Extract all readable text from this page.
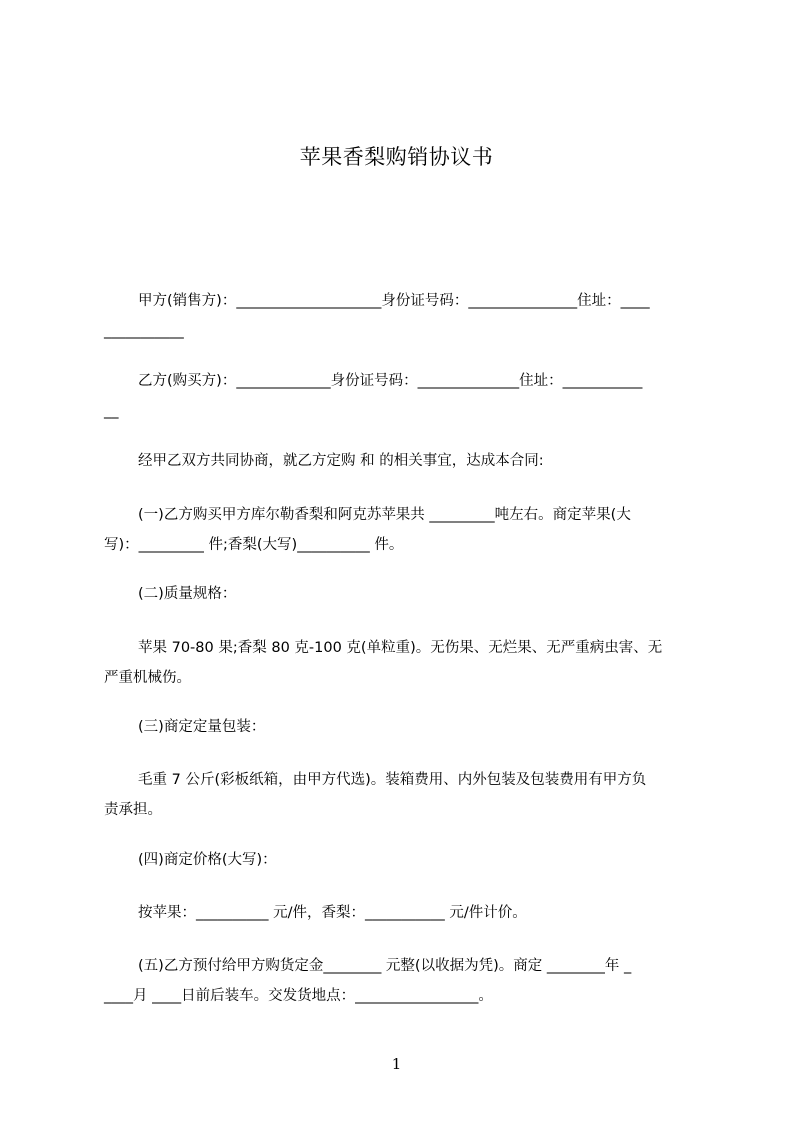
苹果香梨购销协议书
甲方(销售方)：____________________身份证号码：_______________住址：____
___________
乙方(购买方)：_____________身份证号码：______________住址：___________
__
经甲乙双方共同协商，就乙方定购 和 的相关事宜，达成本合同:
(一)乙方购买甲方库尔勒香梨和阿克苏苹果共 _________吨左右。商定苹果(大
写)：_________ 件;香梨(大写)__________ 件。
(二)质量规格：
苹果 70-80 果;香梨 80 克-100 克(单粒重)。无伤果、无烂果、无严重病虫害、无
严重机械伤。
(三)商定定量包装：
毛重 7 公斤(彩板纸箱，由甲方代选)。装箱费用、内外包装及包装费用有甲方负
责承担。
(四)商定价格(大写)：
按苹果：__________ 元/件，香梨：___________ 元/件计价。
(五)乙方预付给甲方购货定金________ 元整(以收据为凭)。商定 ________年 _
____月 ____日前后装车。交发货地点：_________________。
1
